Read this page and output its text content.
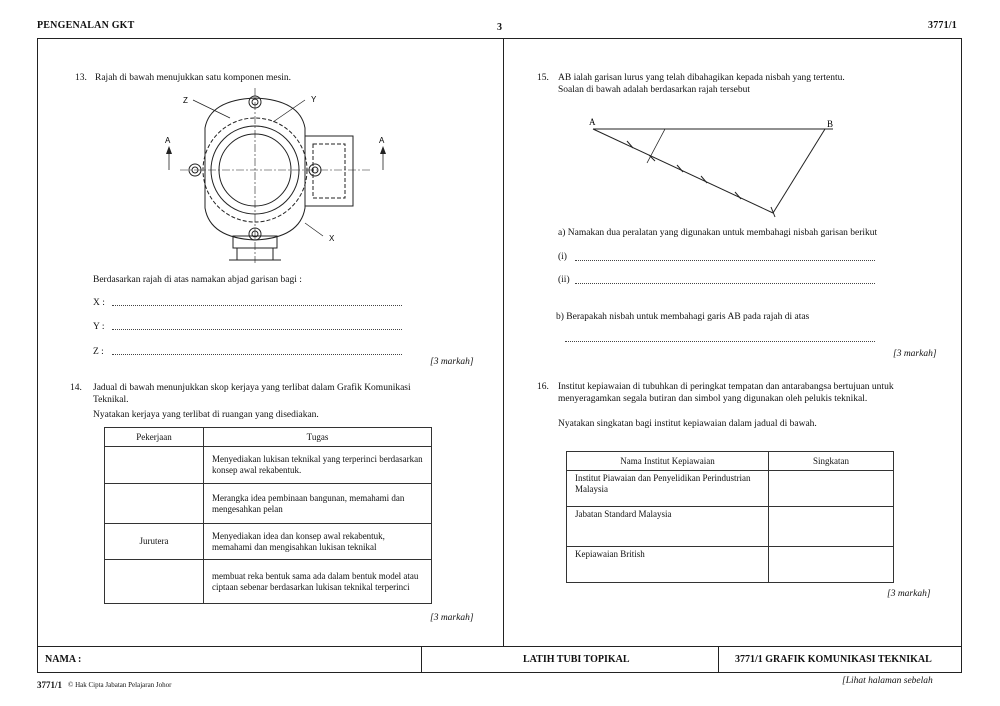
PENGENALAN GKT	3	3771/1
13. Rajah di bawah menujukkan satu komponen mesin.
Z	Y
X
A	A
Berdasarkan rajah di atas namakan abjad garisan bagi :
X :
Y :
Z :
[3 markah]
14. Jadual di bawah menunjukkan skop kerjaya yang terlibat dalam Grafik Komunikasi
Teknikal.
Nyatakan kerjaya yang terlibat di ruangan yang disediakan.
Pekerjaan	Tugas
	Menyediakan lukisan teknikal yang terperinci berdasarkan konsep awal rekabentuk.
	Merangka idea pembinaan bangunan, memahami dan mengesahkan pelan
Jurutera	Menyediakan idea dan konsep awal rekabentuk, memahami dan mengisahkan lukisan teknikal
	membuat reka bentuk sama ada dalam bentuk model atau ciptaan sebenar berdasarkan lukisan teknikal terperinci
[3 markah]
15. AB ialah garisan lurus yang telah dibahagikan kepada nisbah yang tertentu.
Soalan di bawah adalah berdasarkan rajah tersebut
A	B
a) Namakan dua peralatan yang digunakan untuk membahagi nisbah garisan berikut
(i)
(ii)
b) Berapakah nisbah untuk membahagi garis AB pada rajah di atas
[3 markah]
16. Institut kepiawaian di tubuhkan di peringkat tempatan dan antarabangsa bertujuan untuk
menyeragamkan segala butiran dan simbol yang digunakan oleh pelukis teknikal.
Nyatakan singkatan bagi institut kepiawaian dalam jadual di bawah.
Nama Institut Kepiawaian	Singkatan
Institut Piawaian dan Penyelidikan Perindustrian Malaysia	
Jabatan Standard Malaysia	
Kepiawaian British	
[3 markah]
NAMA :	LATIH TUBI TOPIKAL	3771/1 GRAFIK KOMUNIKASI TEKNIKAL
3771/1 © Hak Cipta Jabatan Pelajaran Johor	[Lihat halaman sebelah
